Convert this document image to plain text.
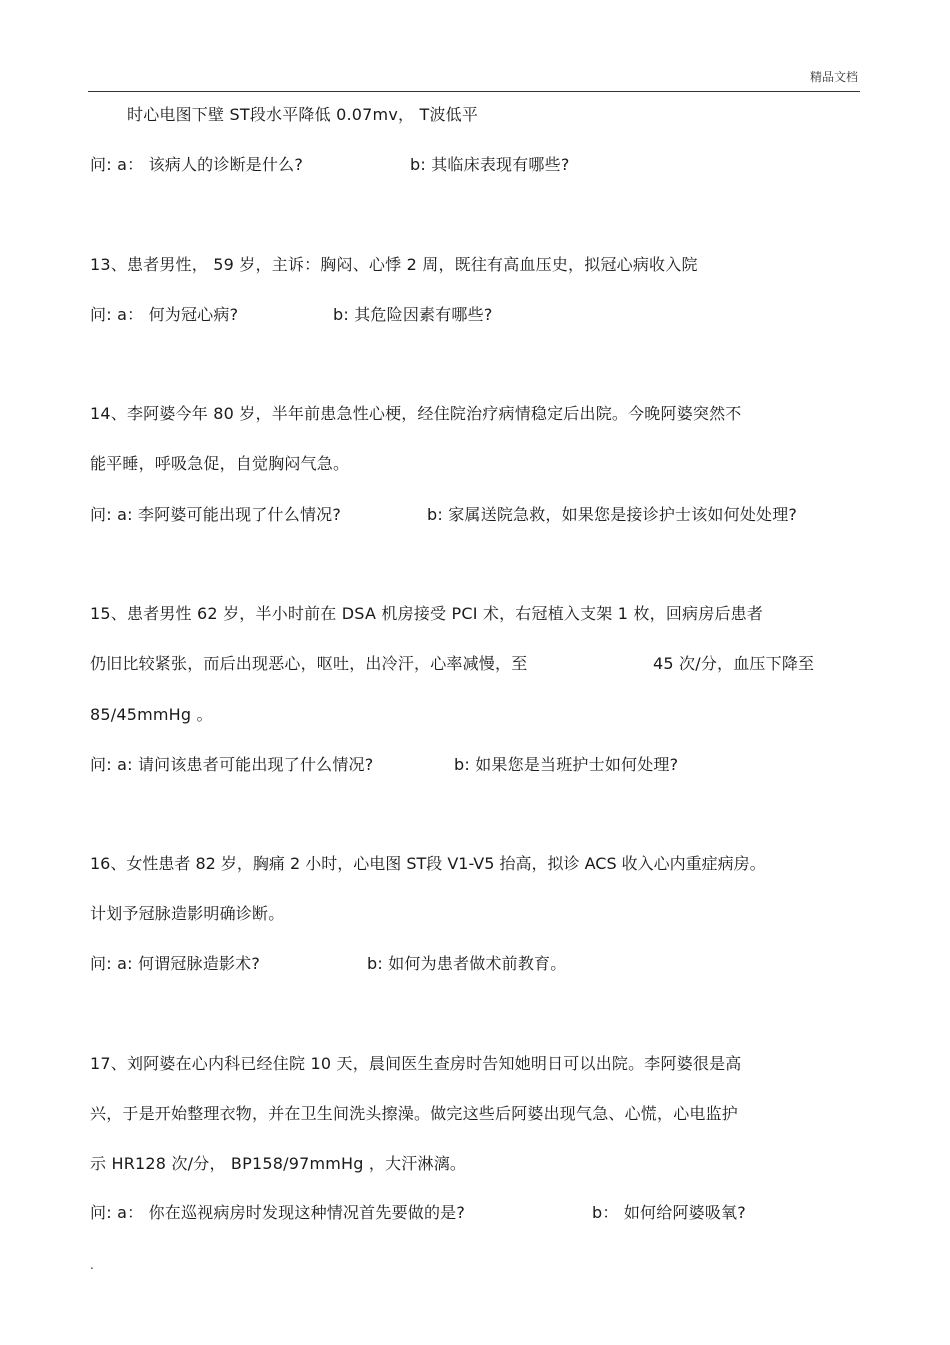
精品文档
时心电图下壁 ST段水平降低 0.07mv， T波低平
问: a： 该病人的诊断是什么?	b: 其临床表现有哪些?
13、患者男性， 59 岁，主诉：胸闷、心悸 2 周，既往有高血压史，拟冠心病收入院
问: a： 何为冠心病?	b: 其危险因素有哪些?
14、李阿婆今年 80 岁，半年前患急性心梗，经住院治疗病情稳定后出院。今晚阿婆突然不
能平睡，呼吸急促，自觉胸闷气急。
问: a: 李阿婆可能出现了什么情况?	b: 家属送院急救，如果您是接诊护士该如何处处理?
15、患者男性 62 岁，半小时前在 DSA 机房接受 PCI 术，右冠植入支架 1 枚，回病房后患者
仍旧比较紧张，而后出现恶心，呕吐，出冷汗，心率减慢，至	45 次/分，血压下降至
85/45mmHg 。
问: a: 请问该患者可能出现了什么情况?	b: 如果您是当班护士如何处理?
16、女性患者 82 岁，胸痛 2 小时，心电图 ST段 V1-V5 抬高，拟诊 ACS 收入心内重症病房。
计划予冠脉造影明确诊断。
问: a: 何谓冠脉造影术?	b: 如何为患者做术前教育。
17、刘阿婆在心内科已经住院 10 天，晨间医生查房时告知她明日可以出院。李阿婆很是高
兴，于是开始整理衣物，并在卫生间洗头擦澡。做完这些后阿婆出现气急、心慌，心电监护
示 HR128 次/分， BP158/97mmHg ，大汗淋漓。
问: a： 你在巡视病房时发现这种情况首先要做的是?	b： 如何给阿婆吸氧?
.
